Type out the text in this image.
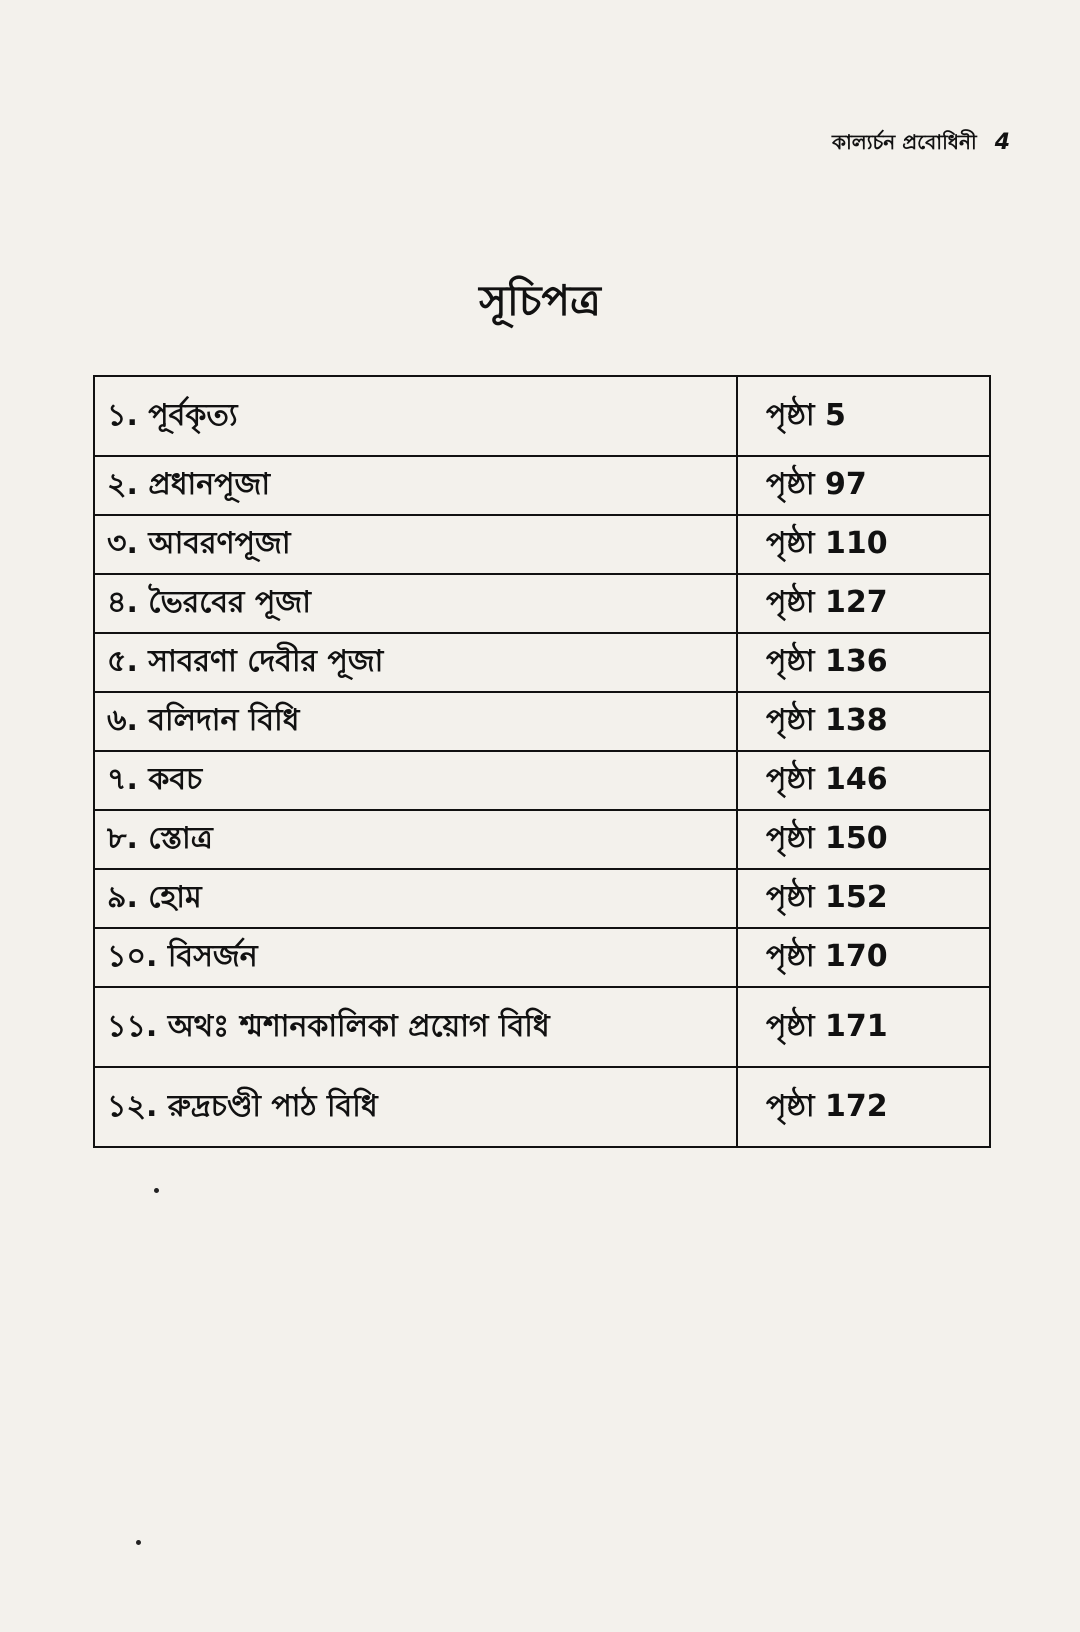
কাল্যর্চন প্রবোধিনী 4
সূচিপত্র
১. পূর্বকৃত্য	পৃষ্ঠা 5
২. প্রধানপূজা	পৃষ্ঠা 97
৩. আবরণপূজা	পৃষ্ঠা 110
৪. ভৈরবের পূজা	পৃষ্ঠা 127
৫. সাবরণা দেবীর পূজা	পৃষ্ঠা 136
৬. বলিদান বিধি	পৃষ্ঠা 138
৭. কবচ	পৃষ্ঠা 146
৮. স্তোত্র	পৃষ্ঠা 150
৯. হোম	পৃষ্ঠা 152
১০. বিসর্জন	পৃষ্ঠা 170
১১. অথঃ শ্মশানকালিকা প্রয়োগ বিধি	পৃষ্ঠা 171
১২. রুদ্রচণ্ডী পাঠ বিধি	পৃষ্ঠা 172
